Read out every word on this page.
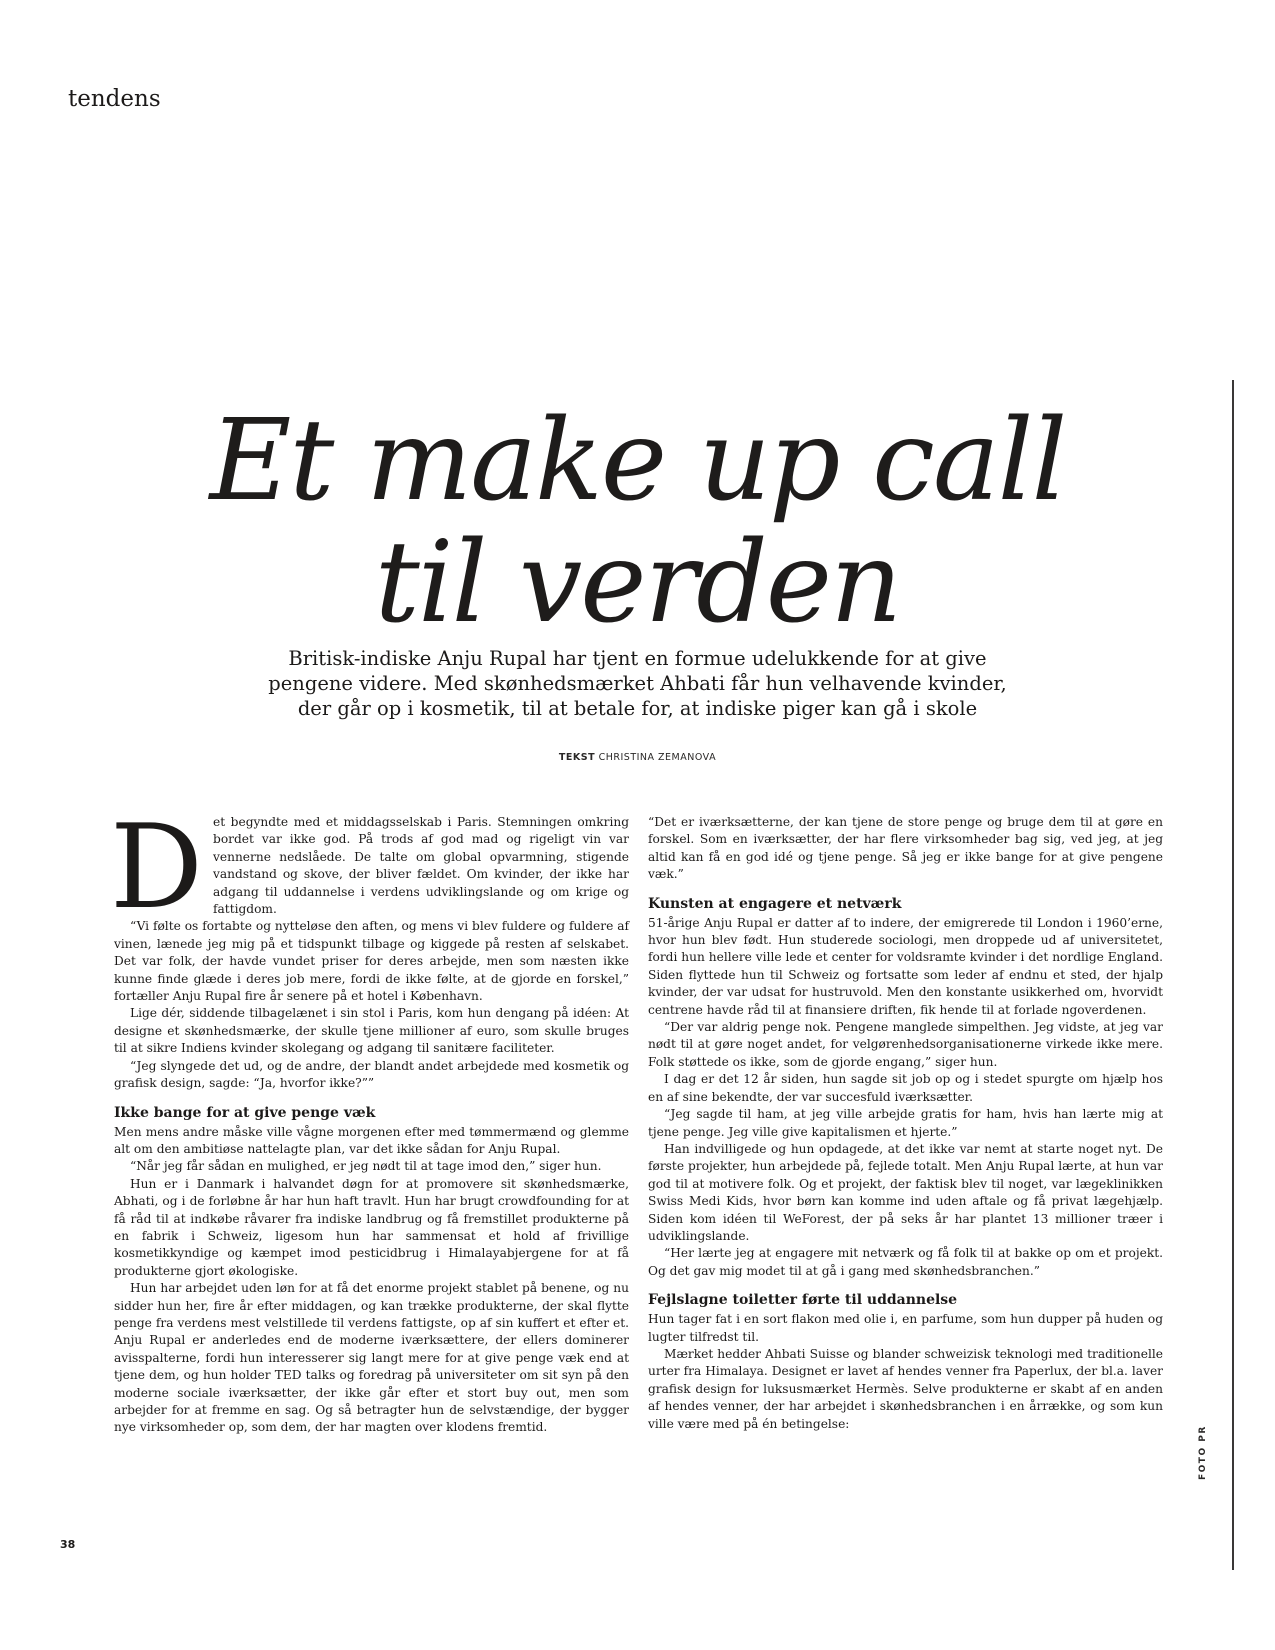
tendens
Et make up call
til verden

Britisk-indiske Anju Rupal har tjent en formue udelukkende for at give
pengene videre. Med skønhedsmærket Ahbati får hun velhavende kvinder,
der går op i kosmetik, til at betale for, at indiske piger kan gå i skole

TEKST CHRISTINA ZEMANOVA

Det begyndte med et middagsselskab i Paris. Stemningen omkring bordet var ikke god. På trods af god mad og rigeligt vin var vennerne nedslåede. De talte om global opvarmning, stigende vandstand og skove, der bliver fældet. Om kvinder, der ikke har adgang til uddannelse i verdens udviklingslande og om krige og fattigdom.

“Vi følte os fortabte og nytteløse den aften, og mens vi blev fuldere og fuldere af vinen, lænede jeg mig på et tidspunkt tilbage og kiggede på resten af selskabet. Det var folk, der havde vundet priser for deres arbejde, men som næsten ikke kunne finde glæde i deres job mere, fordi de ikke følte, at de gjorde en forskel,” fortæller Anju Rupal fire år senere på et hotel i København.

Lige dér, siddende tilbagelænet i sin stol i Paris, kom hun dengang på idéen: At designe et skønhedsmærke, der skulle tjene millioner af euro, som skulle bruges til at sikre Indiens kvinder skolegang og adgang til sanitære faciliteter.

“Jeg slyngede det ud, og de andre, der blandt andet arbejdede med kosmetik og grafisk design, sagde: “Ja, hvorfor ikke?””

Ikke bange for at give penge væk

Men mens andre måske ville vågne morgenen efter med tømmermænd og glemme alt om den ambitiøse nattelagte plan, var det ikke sådan for Anju Rupal.

“Når jeg får sådan en mulighed, er jeg nødt til at tage imod den,” siger hun.

Hun er i Danmark i halvandet døgn for at promovere sit skønhedsmærke, Abhati, og i de forløbne år har hun haft travlt. Hun har brugt crowdfounding for at få råd til at indkøbe råvarer fra indiske landbrug og få fremstillet produkterne på en fabrik i Schweiz, ligesom hun har sammensat et hold af frivillige kosmetikkyndige og kæmpet imod pesticidbrug i Himalayabjergene for at få produkterne gjort økologiske.

Hun har arbejdet uden løn for at få det enorme projekt stablet på benene, og nu sidder hun her, fire år efter middagen, og kan trække produkterne, der skal flytte penge fra verdens mest velstillede til verdens fattigste, op af sin kuffert et efter et. Anju Rupal er anderledes end de moderne iværksættere, der ellers dominerer avisspalterne, fordi hun interesserer sig langt mere for at give penge væk end at tjene dem, og hun holder TED talks og foredrag på universiteter om sit syn på den moderne sociale iværksætter, der ikke går efter et stort buy out, men som arbejder for at fremme en sag. Og så betragter hun de selvstændige, der bygger nye virksomheder op, som dem, der har magten over klodens fremtid.

“Det er iværksætterne, der kan tjene de store penge og bruge dem til at gøre en forskel. Som en iværksætter, der har flere virksomheder bag sig, ved jeg, at jeg altid kan få en god idé og tjene penge. Så jeg er ikke bange for at give pengene væk.”

Kunsten at engagere et netværk

51-årige Anju Rupal er datter af to indere, der emigrerede til London i 1960’erne, hvor hun blev født. Hun studerede sociologi, men droppede ud af universitetet, fordi hun hellere ville lede et center for voldsramte kvinder i det nordlige England. Siden flyttede hun til Schweiz og fortsatte som leder af endnu et sted, der hjalp kvinder, der var udsat for hustruvold. Men den konstante usikkerhed om, hvorvidt centrene havde råd til at finansiere driften, fik hende til at forlade ngoverdenen.

“Der var aldrig penge nok. Pengene manglede simpelthen. Jeg vidste, at jeg var nødt til at gøre noget andet, for velgørenhedsorganisationerne virkede ikke mere. Folk støttede os ikke, som de gjorde engang,” siger hun.

I dag er det 12 år siden, hun sagde sit job op og i stedet spurgte om hjælp hos en af sine bekendte, der var succesfuld iværksætter.

“Jeg sagde til ham, at jeg ville arbejde gratis for ham, hvis han lærte mig at tjene penge. Jeg ville give kapitalismen et hjerte.”

Han indvilligede og hun opdagede, at det ikke var nemt at starte noget nyt. De første projekter, hun arbejdede på, fejlede totalt. Men Anju Rupal lærte, at hun var god til at motivere folk. Og et projekt, der faktisk blev til noget, var lægeklinikken Swiss Medi Kids, hvor børn kan komme ind uden aftale og få privat lægehjælp. Siden kom idéen til WeForest, der på seks år har plantet 13 millioner træer i udviklingslande.

“Her lærte jeg at engagere mit netværk og få folk til at bakke op om et projekt. Og det gav mig modet til at gå i gang med skønhedsbranchen.”

Fejlslagne toiletter førte til uddannelse

Hun tager fat i en sort flakon med olie i, en parfume, som hun dupper på huden og lugter tilfredst til.

Mærket hedder Ahbati Suisse og blander schweizisk teknologi med traditionelle urter fra Himalaya. Designet er lavet af hendes venner fra Paperlux, der bl.a. laver grafisk design for luksusmærket Hermès. Selve produkterne er skabt af en anden af hendes venner, der har arbejdet i skønhedsbranchen i en årrække, og som kun ville være med på én betingelse:

FOTO PR
38
